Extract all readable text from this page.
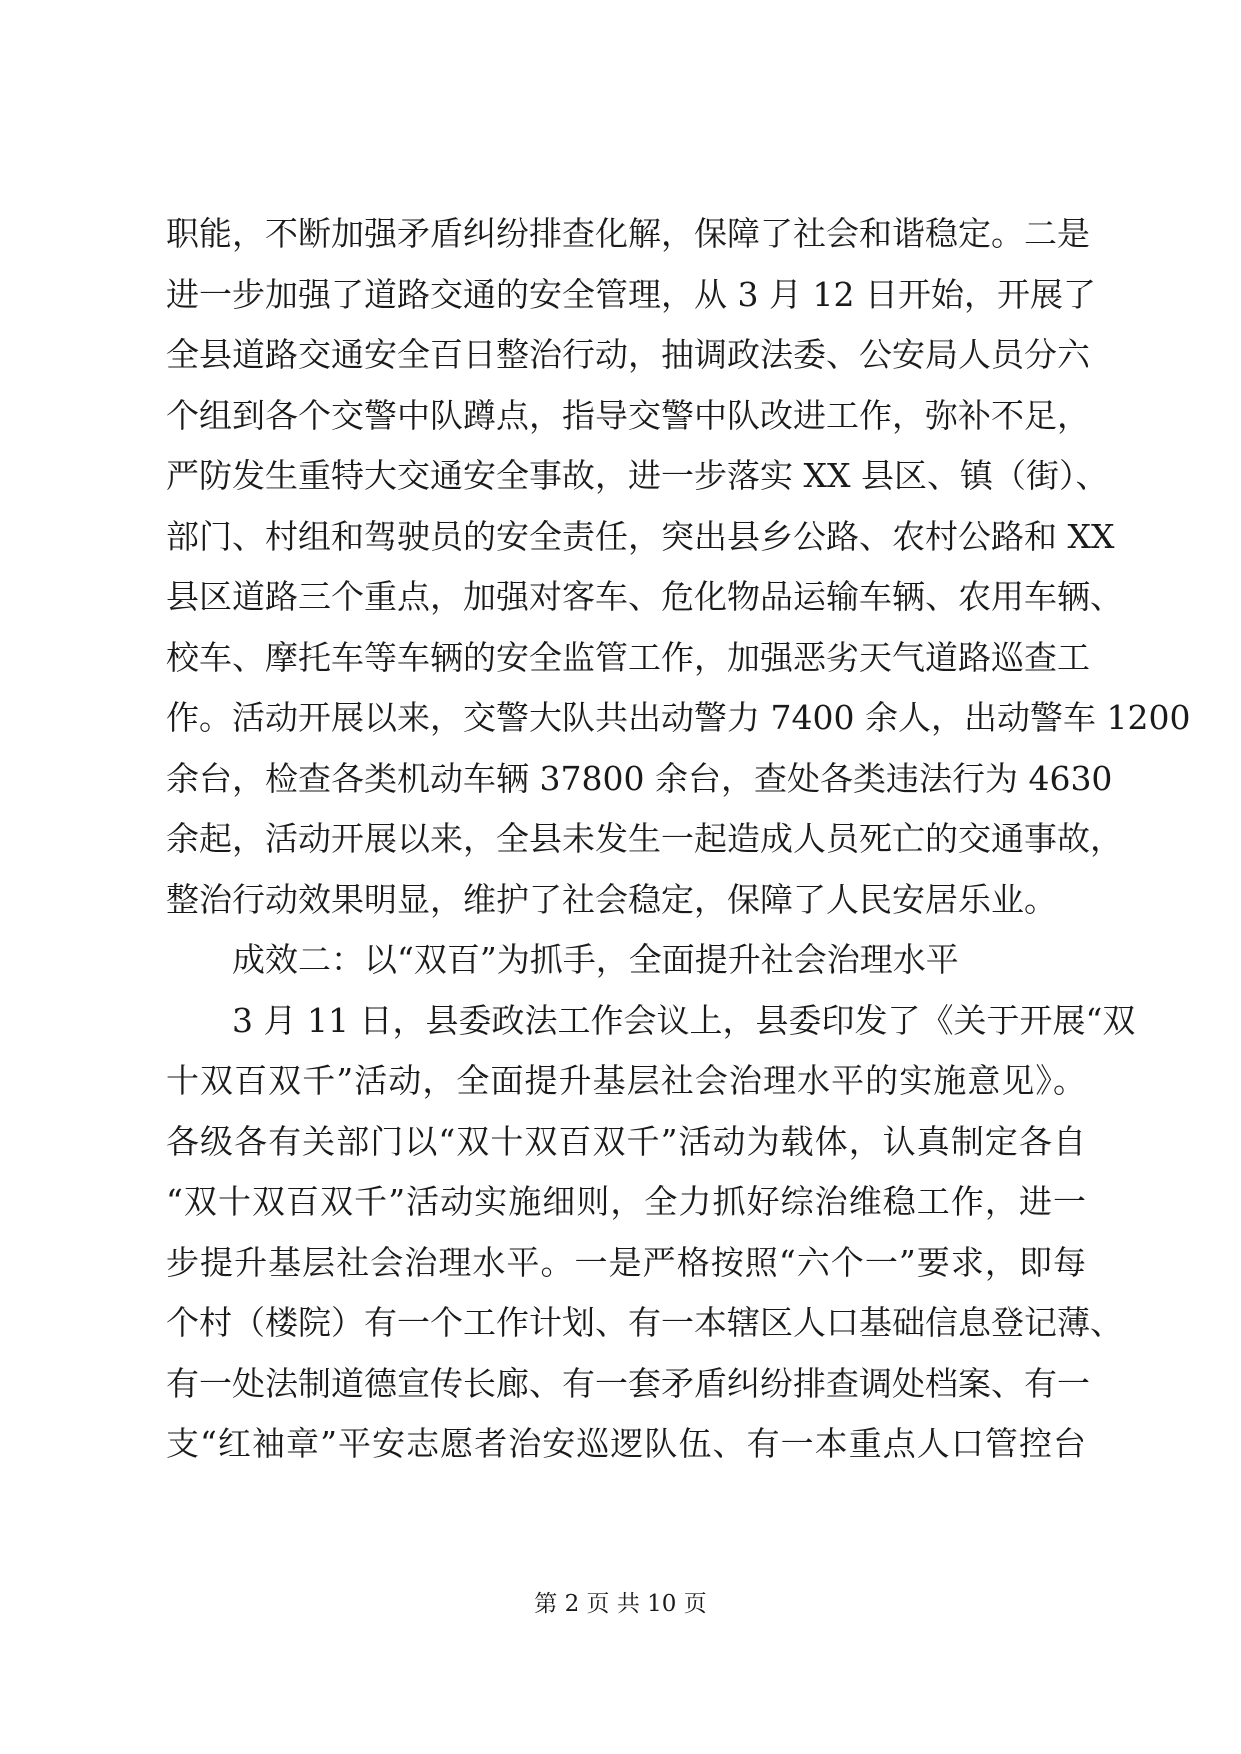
职能，不断加强矛盾纠纷排查化解，保障了社会和谐稳定。二是
进一步加强了道路交通的安全管理，从 3 月 12 日开始，开展了
全县道路交通安全百日整治行动，抽调政法委、公安局人员分六
个组到各个交警中队蹲点，指导交警中队改进工作，弥补不足，
严防发生重特大交通安全事故，进一步落实 XX 县区、镇（街）、
部门、村组和驾驶员的安全责任，突出县乡公路、农村公路和 XX
县区道路三个重点，加强对客车、危化物品运输车辆、农用车辆、
校车、摩托车等车辆的安全监管工作，加强恶劣天气道路巡查工
作。活动开展以来，交警大队共出动警力 7400 余人，出动警车 1200
余台，检查各类机动车辆 37800 余台，查处各类违法行为 4630
余起，活动开展以来，全县未发生一起造成人员死亡的交通事故，
整治行动效果明显，维护了社会稳定，保障了人民安居乐业。
成效二：以“双百”为抓手，全面提升社会治理水平
3 月 11 日，县委政法工作会议上，县委印发了《关于开展“双
十双百双千”活动，全面提升基层社会治理水平的实施意见》。
各级各有关部门以“双十双百双千”活动为载体，认真制定各自
“双十双百双千”活动实施细则，全力抓好综治维稳工作，进一
步提升基层社会治理水平。一是严格按照“六个一”要求，即每
个村（楼院）有一个工作计划、有一本辖区人口基础信息登记薄、
有一处法制道德宣传长廊、有一套矛盾纠纷排查调处档案、有一
支“红袖章”平安志愿者治安巡逻队伍、有一本重点人口管控台
第 2 页 共 10 页
